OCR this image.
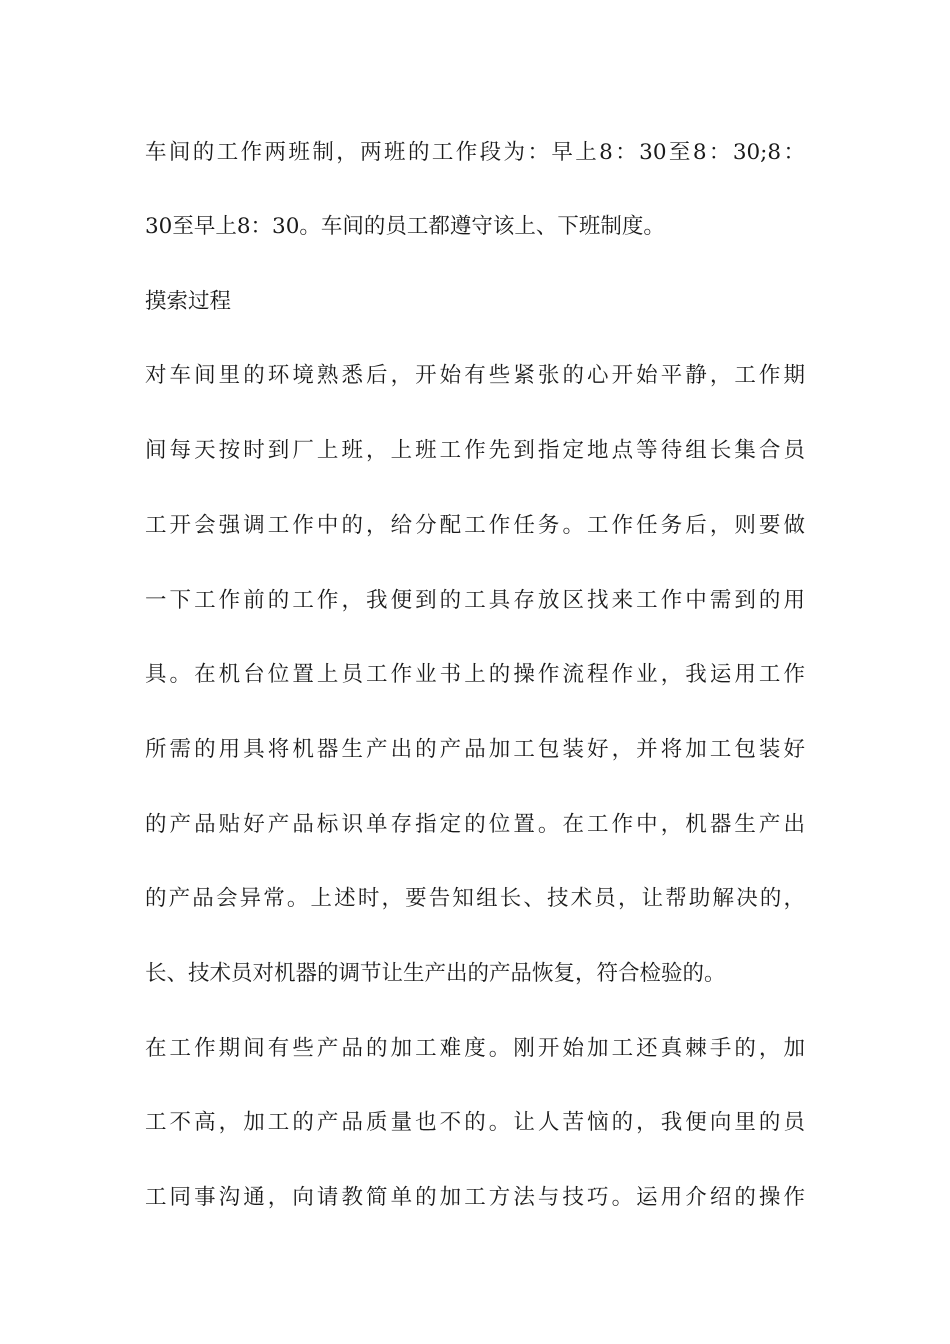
车间的工作两班制，两班的工作段为：早上8：30至8：30;8：
30至早上8：30。车间的员工都遵守该上、下班制度。
摸索过程
对车间里的环境熟悉后，开始有些紧张的心开始平静，工作期
间每天按时到厂上班，上班工作先到指定地点等待组长集合员
工开会强调工作中的，给分配工作任务。工作任务后，则要做
一下工作前的工作，我便到的工具存放区找来工作中需到的用
具。在机台位置上员工作业书上的操作流程作业，我运用工作
所需的用具将机器生产出的产品加工包装好，并将加工包装好
的产品贴好产品标识单存指定的位置。在工作中，机器生产出
的产品会异常。上述时，要告知组长、技术员，让帮助解决的，
长、技术员对机器的调节让生产出的产品恢复，符合检验的。
在工作期间有些产品的加工难度。刚开始加工还真棘手的，加
工不高，加工的产品质量也不的。让人苦恼的，我便向里的员
工同事沟通，向请教简单的加工方法与技巧。运用介绍的操作
